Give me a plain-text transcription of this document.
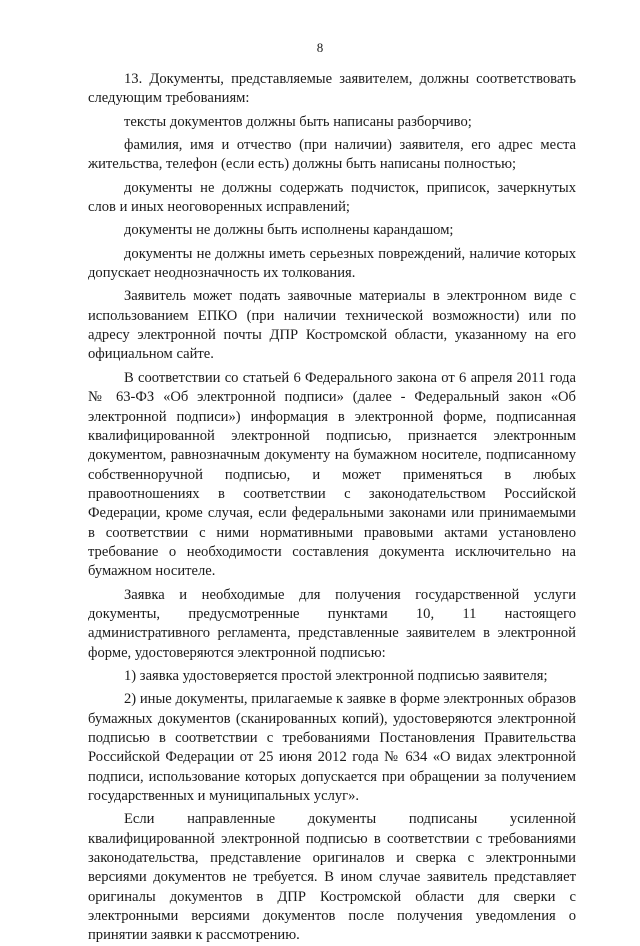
8

13. Документы, представляемые заявителем, должны соответствовать следующим требованиям:

тексты документов должны быть написаны разборчиво;

фамилия, имя и отчество (при наличии) заявителя, его адрес места жительства, телефон (если есть) должны быть написаны полностью;

документы не должны содержать подчисток, приписок, зачеркнутых слов и иных неоговоренных исправлений;

документы не должны быть исполнены карандашом;

документы не должны иметь серьезных повреждений, наличие которых допускает неоднозначность их толкования.

Заявитель может подать заявочные материалы в электронном виде с использованием ЕПКО (при наличии технической возможности) или по адресу электронной почты ДПР Костромской области, указанному на его официальном сайте.

В соответствии со статьей 6 Федерального закона от 6 апреля 2011 года № 63-ФЗ «Об электронной подписи» (далее - Федеральный закон «Об электронной подписи») информация в электронной форме, подписанная квалифицированной электронной подписью, признается электронным документом, равнозначным документу на бумажном носителе, подписанному собственноручной подписью, и может применяться в любых правоотношениях в соответствии с законодательством Российской Федерации, кроме случая, если федеральными законами или принимаемыми в соответствии с ними нормативными правовыми актами установлено требование о необходимости составления документа исключительно на бумажном носителе.

Заявка и необходимые для получения государственной услуги документы, предусмотренные пунктами 10, 11 настоящего административного регламента, представленные заявителем в электронной форме, удостоверяются электронной подписью:

1) заявка удостоверяется простой электронной подписью заявителя;

2) иные документы, прилагаемые к заявке в форме электронных образов бумажных документов (сканированных копий), удостоверяются электронной подписью в соответствии с требованиями Постановления Правительства Российской Федерации от 25 июня 2012 года № 634 «О видах электронной подписи, использование которых допускается при обращении за получением государственных и муниципальных услуг».

Если направленные документы подписаны усиленной квалифицированной электронной подписью в соответствии с требованиями законодательства, представление оригиналов и сверка с электронными версиями документов не требуется. В ином случае заявитель представляет оригиналы документов в ДПР Костромской области для сверки с электронными версиями документов после получения уведомления о принятии заявки к рассмотрению.
